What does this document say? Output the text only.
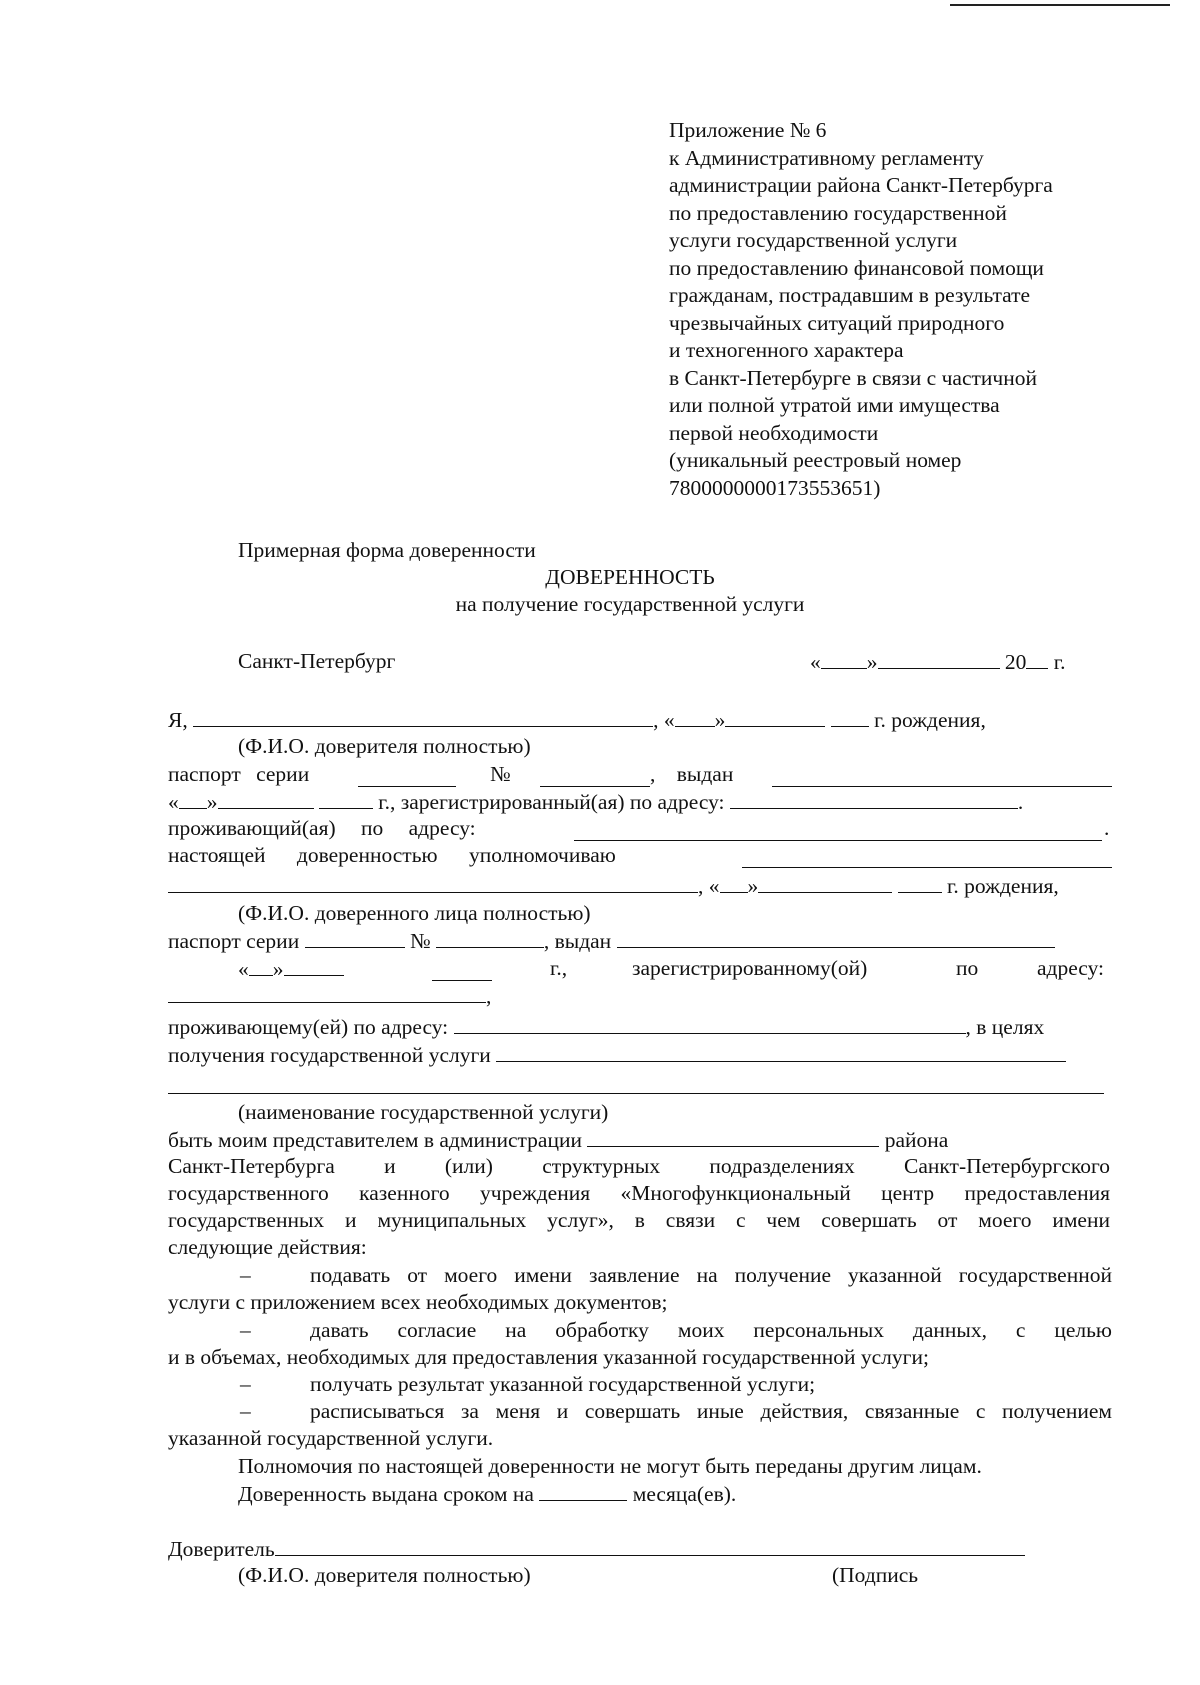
Приложение № 6
к Административному регламенту
администрации района Санкт-Петербурга
по предоставлению государственной
услуги государственной услуги
по предоставлению финансовой помощи
гражданам, пострадавшим в результате
чрезвычайных ситуаций природного
и техногенного характера
в Санкт-Петербурге в связи с частичной
или полной утратой ими имущества
первой необходимости
(уникальный реестровый номер
7800000000173553651)
Примерная форма доверенности
ДОВЕРЕННОСТЬ
на получение государственной услуги
Санкт-Петербург	« »	20 г.
Я,	, « »	г. рождения,
(Ф.И.О. доверителя полностью)
паспорт серии	№	, выдан
« »	г., зарегистрированный(ая) по адресу:	.
проживающий(ая) по адресу:	.
настоящей доверенностью уполномочиваю
, « »	г. рождения,
(Ф.И.О. доверенного лица полностью)
паспорт серии	№	, выдан
« »	г.,	зарегистрированному(ой)	по	адресу:
,
проживающему(ей) по адресу:	, в целях
получения государственной услуги
(наименование государственной услуги)
быть моим представителем в администрации	района
Санкт-Петербурга и (или) структурных подразделениях Санкт-Петербургского
государственного казенного учреждения «Многофункциональный центр предоставления
государственных и муниципальных услуг», в связи с чем совершать от моего имени
следующие действия:
–	подавать от моего имени заявление на получение указанной государственной
услуги с приложением всех необходимых документов;
–	давать согласие на обработку моих персональных данных, с целью
и в объемах, необходимых для предоставления указанной государственной услуги;
–	получать результат указанной государственной услуги;
–	расписываться за меня и совершать иные действия, связанные с получением
указанной государственной услуги.
Полномочия по настоящей доверенности не могут быть переданы другим лицам.
Доверенность выдана сроком на	месяца(ев).
Доверитель
(Ф.И.О. доверителя полностью)	(Подпись
